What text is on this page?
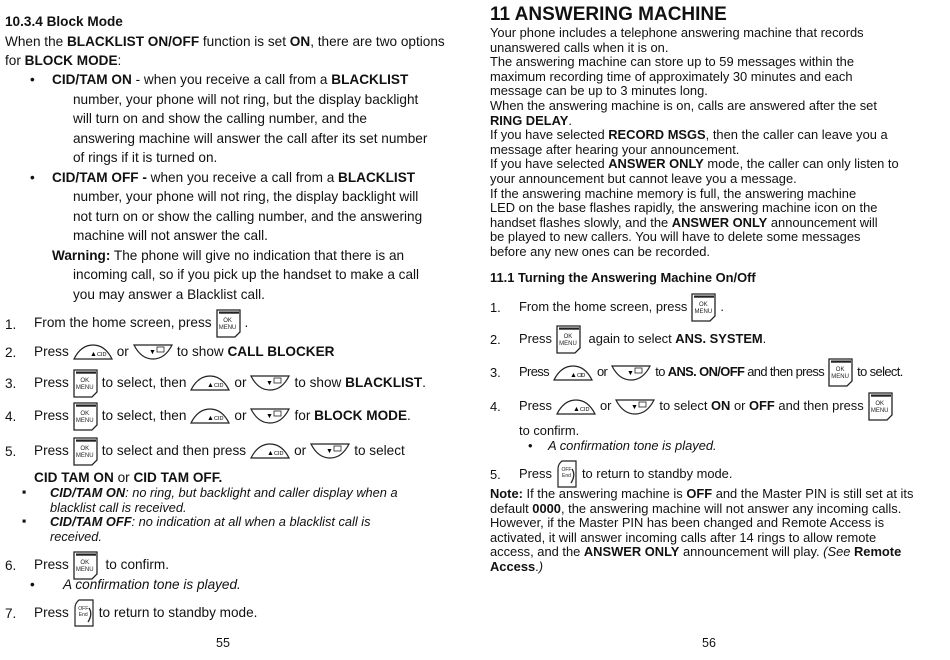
10.3.4 Block Mode
When the BLACKLIST ON/OFF function is set ON, there are two options
for BLOCK MODE:
• CID/TAM ON - when you receive a call from a BLACKLIST
number, your phone will not ring, but the display backlight
will turn on and show the calling number, and the
answering machine will answer the call after its set number
of rings if it is turned on.
• CID/TAM OFF - when you receive a call from a BLACKLIST
number, your phone will not ring, the display backlight will
not turn on or show the calling number, and the answering
machine will not answer the call.
Warning: The phone will give no indication that there is an
incoming call, so if you pick up the handset to make a call
you may answer a Blacklist call.
1. From the home screen, press	OK MENU .
2. Press	or	to show CALL BLOCKER
3. Press	OK MENU to select, then	or	to show BLACKLIST.
4. Press	OK MENU to select, then	or	for BLOCK MODE.
5. Press	OK MENU to select and then press	or	to select
CID TAM ON or CID TAM OFF.
▪ CID/TAM ON: no ring, but backlight and caller display when a
blacklist call is received.
▪ CID/TAM OFF: no indication at all when a blacklist call is
received.
6. Press	OK MENU to confirm.
• A confirmation tone is played.
7. Press	OFF End to return to standby mode.
55
11 ANSWERING MACHINE
Your phone includes a telephone answering machine that records
unanswered calls when it is on.
The answering machine can store up to 59 messages within the
maximum recording time of approximately 30 minutes and each
message can be up to 3 minutes long.
When the answering machine is on, calls are answered after the set
RING DELAY.
If you have selected RECORD MSGS, then the caller can leave you a
message after hearing your announcement.
If you have selected ANSWER ONLY mode, the caller can only listen to
your announcement but cannot leave you a message.
If the answering machine memory is full, the answering machine
LED on the base flashes rapidly, the answering machine icon on the
handset flashes slowly, and the ANSWER ONLY announcement will
be played to new callers. You will have to delete some messages
before any new ones can be recorded.
11.1 Turning the Answering Machine On/Off
1. From the home screen, press	OK MENU .
2. Press	OK MENU again to select ANS. SYSTEM.
3. Press	or	to ANS. ON/OFF and then press	OK MENU to select.
4. Press	or	to select ON or OFF and then press	OK MENU
to confirm.
• A confirmation tone is played.
5. Press	OFF End to return to standby mode.
Note: If the answering machine is OFF and the Master PIN is still set at its
default 0000, the answering machine will not answer any incoming calls.
However, if the Master PIN has been changed and Remote Access is
activated, it will answer incoming calls after 14 rings to allow remote
access, and the ANSWER ONLY announcement will play. (See Remote
Access.)
56
